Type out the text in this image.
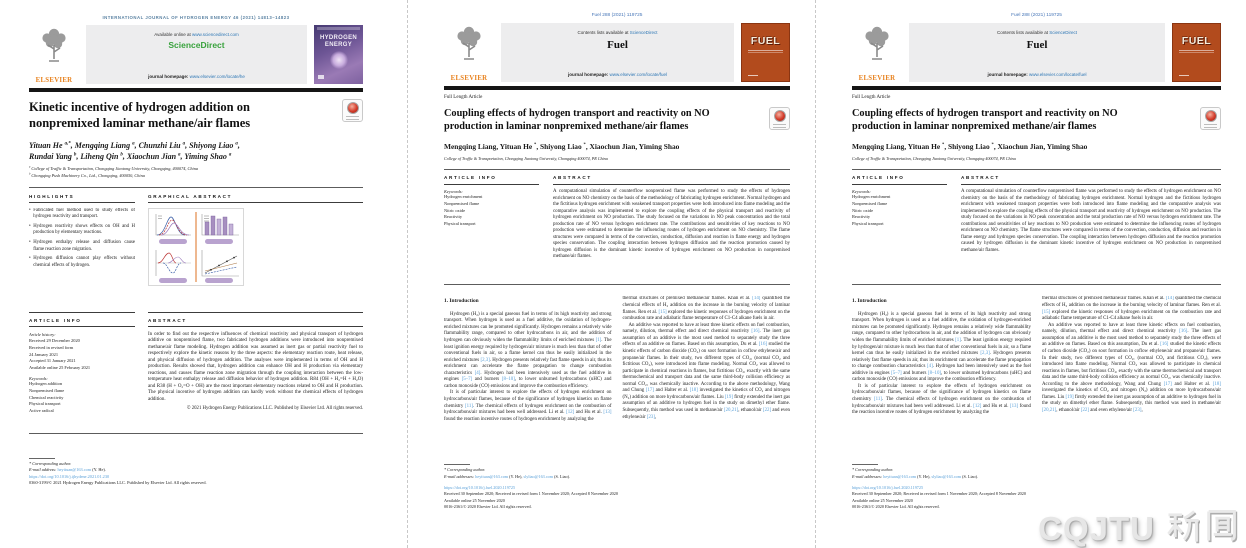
INTERNATIONAL JOURNAL OF HYDROGEN ENERGY 46 (2021) 14813–14823
ELSEVIER
Available online at www.sciencedirect.com
ScienceDirect
journal homepage: www.elsevier.com/locate/he
HYDROGEN
ENERGY
Kinetic incentive of hydrogen addition on nonpremixed laminar methane/air flames
Yituan He $^{a,*}$, Mengqing Liang $^a$, Chunzhi Liu $^a$, Shiyong Liao $^a$,
Rundai Yang $^b$, Liheng Qin $^b$, Xiaochun Jian $^a$, Yiming Shao $^a$
$^a$ College of Traffic & Transportation, Chongqing Jiaotong University, Chongqing, 400074, China
$^b$ Chongqing Push Machinery Co., Ltd., Chongqing, 400050, China
HIGHLIGHTS
• Fabricated fuel method used to study effects of hydrogen reactivity and transport.
• Hydrogen reactivity shows effects on OH and H production by elementary reactions.
• Hydrogen enthalpy release and diffusion cause flame reaction zone migration.
• Hydrogen diffusion cannot play effects without chemical effects of hydrogen.
ARTICLE INFO
Article history:
Received 29 December 2020
Received in revised form
24 January 2021
Accepted 31 January 2021
Available online 25 February 2021
Keywords:
Hydrogen addition
Nonpremixed flame
Chemical reactivity
Physical transport
Active radical
GRAPHICAL ABSTRACT
ABSTRACT
In order to find out the respective influences of chemical reactivity and physical transport of hydrogen additive on nonpremixed flame, two fabricated hydrogen additions were introduced into nonpremixed methane/air flame modeling. Hydrogen addition was assumed as inert gas or partial reactivity fuel to respectively explore the kinetic reasons by the three aspects: the elementary reaction route, heat release, and physical diffusion of hydrogen addition. The analyses were implemented in terms of OH and H production. Results showed that, hydrogen addition can enhance OH and H production via elementary reactions, and causes flame reaction zone migration through the coupling interaction between the low-temperature heat enthalpy release and diffusion behavior of hydrogen addition. R84 (OH + H₂=H + H₂O) and R38 (H + O₂=O + OH) are the most important elementary reactions related to OH and H production. The physical incentive of hydrogen addition can hardly work without the chemical effects of hydrogen addition.
© 2021 Hydrogen Energy Publications LLC. Published by Elsevier Ltd. All rights reserved.
* Corresponding author.
E-mail address: heyituan@163.com (Y. He).
https://doi.org/10.1016/j.ijhydene.2021.01.230
0360-3199/© 2021 Hydrogen Energy Publications LLC. Published by Elsevier Ltd. All rights reserved.
Fuel 288 (2021) 119725
ELSEVIER
Contents lists available at ScienceDirect
Fuel
journal homepage: www.elsevier.com/locate/fuel
FUEL
Full Length Article
Coupling effects of hydrogen transport and reactivity on NO production in laminar nonpremixed methane/air flames
Mengqing Liang, Yituan He *, Shiyong Liao *, Xiaochun Jian, Yiming Shao
College of Traffic & Transportation, Chongqing Jiaotong University, Chongqing 400074, PR China
ARTICLE INFO
Keywords:
Hydrogen enrichment
Nonpremixed flame
Nitric oxide
Reactivity
Physical transport
ABSTRACT
A computational simulation of counterflow nonpremixed flame was performed to study the effects of hydrogen enrichment on NO chemistry on the basis of the methodology of fabricating hydrogen enrichment. Normal hydrogen and the fictitious hydrogen enrichment with weakened transport properties were both introduced into flame modeling and the comparative analysis was implemented to explore the coupling effects of the physical transport and reactivity of hydrogen enrichment on NO production. The study focused on the variations in NO peak concentration and the total production rate of NO versus hydrogen enrichment rate. The contributions and sensitivities of key reactions to NO production were estimated to determine the influencing routes of hydrogen enrichment on NO chemistry. The flame structures were compared in terms of the convection, conduction, diffusion and reaction in flame energy and hydrogen species conservation. The coupling interaction between hydrogen diffusion and the reaction promotion caused by hydrogen diffusion is the dominant kinetic incentive of hydrogen enrichment on NO production in nonpremixed methane/air flames.
1. Introduction

Hydrogen (H₂) is a special gaseous fuel in terms of its high reactivity and strong transport. When hydrogen is used as a fuel additive, the oxidation of hydrogen-enriched mixtures can be promoted significantly. Hydrogen remains a relatively wide flammability range, compared to other hydrocarbons in air, and the addition of hydrogen can obviously widen the flammability limits of enriched mixtures [1]. The least ignition energy required by hydrogen/air mixture is much less than that of other conventional fuels in air, so a flame kernel can thus be easily initialized in the enriched mixtures [2,3]. Hydrogen presents relatively fast flame speeds in air, thus its enrichment can accelerate the flame propagation to change combustion characteristics [4]. Hydrogen had been intensively used as the fuel additive in engines [5–7] and burners [8–10], to lower unburned hydrocarbons (uHC) and carbon monoxide (CO) emissions and improve the combustion efficiency.

It is of particular interest to explore the effects of hydrogen enrichment on hydrocarbons/air flames, because of the significance of hydrogen kinetics on flame chemistry [11]. The chemical effects of hydrogen enrichment on the combustion of hydrocarbons/air mixtures had been well addressed. Li et al. [12] and Hu et al. [13] found the reaction incentive routes of hydrogen enrichment by analyzing the

thermal structures of premixed methane/air flames. Khan et al. [14] quantified the chemical effects of H₂ addition on the increase in the burning velocity of laminar flames. Ren et al. [15] explored the kinetic responses of hydrogen enrichment on the combustion rate and adiabatic flame temperature of C1-C4 alkane fuels in air.

An additive was reported to have at least three kinetic effects on fuel combustion, namely, dilution, thermal effect and direct chemical reactivity [16]. The inert gas assumption of an additive is the most used method to separately study the three effects of an additive on flames. Based on this assumption, Du et al. [16] studied the kinetic effects of carbon dioxide (CO₂) on soot formation in coflow ethylene/air and propane/air flames. In their study, two different types of CO₂, (normal CO₂ and fictitious CO₂), were introduced into flame modeling. Normal CO₂ was allowed to participate in chemical reactions in flames, but fictitious CO₂, exactly with the same thermochemical and transport data and the same third-body collision efficiency as normal CO₂, was chemically inactive. According to the above methodology, Wang and Chung [17] and Halter et al. [18] investigated the kinetics of CO₂ and nitrogen (N₂) addition on more hydrocarbons/air flames. Liu [19] firstly extended the inert gas assumption of an additive to hydrogen fuel in the study on dimethyl ether flame. Subsequently, this method was used in methane/air [20,21], ethanol/air [22] and even ethylene/air [23],

* Corresponding author.
E-mail addresses: heyituan@163.com (Y. He), slyliao@163.com (S. Liao).
https://doi.org/10.1016/j.fuel.2020.119725
Received 30 September 2020; Received in revised form 1 November 2020; Accepted 8 November 2020
Available online 25 November 2020
0016-2361/© 2020 Elsevier Ltd. All rights reserved.
Fuel 288 (2021) 119725
ELSEVIER
Contents lists available at ScienceDirect
Fuel
journal homepage: www.elsevier.com/locate/fuel
FUEL
Full Length Article
Coupling effects of hydrogen transport and reactivity on NO production in laminar nonpremixed methane/air flames
Mengqing Liang, Yituan He *, Shiyong Liao *, Xiaochun Jian, Yiming Shao
College of Traffic & Transportation, Chongqing Jiaotong University, Chongqing 400074, PR China
ARTICLE INFO
Keywords:
Hydrogen enrichment
Nonpremixed flame
Nitric oxide
Reactivity
Physical transport
ABSTRACT
A computational simulation of counterflow nonpremixed flame was performed to study the effects of hydrogen enrichment on NO chemistry on the basis of the methodology of fabricating hydrogen enrichment. Normal hydrogen and the fictitious hydrogen enrichment with weakened transport properties were both introduced into flame modeling and the comparative analysis was implemented to explore the coupling effects of the physical transport and reactivity of hydrogen enrichment on NO production. The study focused on the variations in NO peak concentration and the total production rate of NO versus hydrogen enrichment rate. The contributions and sensitivities of key reactions to NO production were estimated to determine the influencing routes of hydrogen enrichment on NO chemistry. The flame structures were compared in terms of the convection, conduction, diffusion and reaction in flame energy and hydrogen species conservation. The coupling interaction between hydrogen diffusion and the reaction promotion caused by hydrogen diffusion is the dominant kinetic incentive of hydrogen enrichment on NO production in nonpremixed methane/air flames.
1. Introduction

Hydrogen (H₂) is a special gaseous fuel in terms of its high reactivity and strong transport. When hydrogen is used as a fuel additive, the oxidation of hydrogen-enriched mixtures can be promoted significantly. Hydrogen remains a relatively wide flammability range, compared to other hydrocarbons in air, and the addition of hydrogen can obviously widen the flammability limits of enriched mixtures [1]. The least ignition energy required by hydrogen/air mixture is much less than that of other conventional fuels in air, so a flame kernel can thus be easily initialized in the enriched mixtures [2,3]. Hydrogen presents relatively fast flame speeds in air, thus its enrichment can accelerate the flame propagation to change combustion characteristics [4]. Hydrogen had been intensively used as the fuel additive in engines [5–7] and burners [8–10], to lower unburned hydrocarbons (uHC) and carbon monoxide (CO) emissions and improve the combustion efficiency.

It is of particular interest to explore the effects of hydrogen enrichment on hydrocarbons/air flames, because of the significance of hydrogen kinetics on flame chemistry [11]. The chemical effects of hydrogen enrichment on the combustion of hydrocarbons/air mixtures had been well addressed. Li et al. [12] and Hu et al. [13] found the reaction incentive routes of hydrogen enrichment by analyzing the

thermal structures of premixed methane/air flames. Khan et al. [14] quantified the chemical effects of H₂ addition on the increase in the burning velocity of laminar flames. Ren et al. [15] explored the kinetic responses of hydrogen enrichment on the combustion rate and adiabatic flame temperature of C1-C4 alkane fuels in air.

An additive was reported to have at least three kinetic effects on fuel combustion, namely, dilution, thermal effect and direct chemical reactivity [16]. The inert gas assumption of an additive is the most used method to separately study the three effects of an additive on flames. Based on this assumption, Du et al. [16] studied the kinetic effects of carbon dioxide (CO₂) on soot formation in coflow ethylene/air and propane/air flames. In their study, two different types of CO₂, (normal CO₂ and fictitious CO₂), were introduced into flame modeling. Normal CO₂ was allowed to participate in chemical reactions in flames, but fictitious CO₂, exactly with the same thermochemical and transport data and the same third-body collision efficiency as normal CO₂, was chemically inactive. According to the above methodology, Wang and Chung [17] and Halter et al. [18] investigated the kinetics of CO₂ and nitrogen (N₂) addition on more hydrocarbons/air flames. Liu [19] firstly extended the inert gas assumption of an additive to hydrogen fuel in the study on dimethyl ether flame. Subsequently, this method was used in methane/air [20,21], ethanol/air [22] and even ethylene/air [23],

* Corresponding author.
E-mail addresses: heyituan@163.com (Y. He), slyliao@163.com (S. Liao).
https://doi.org/10.1016/j.fuel.2020.119725
Received 30 September 2020; Received in revised form 1 November 2020; Accepted 8 November 2020
Available online 25 November 2020
0016-2361/© 2020 Elsevier Ltd. All rights reserved.
CQJTU
